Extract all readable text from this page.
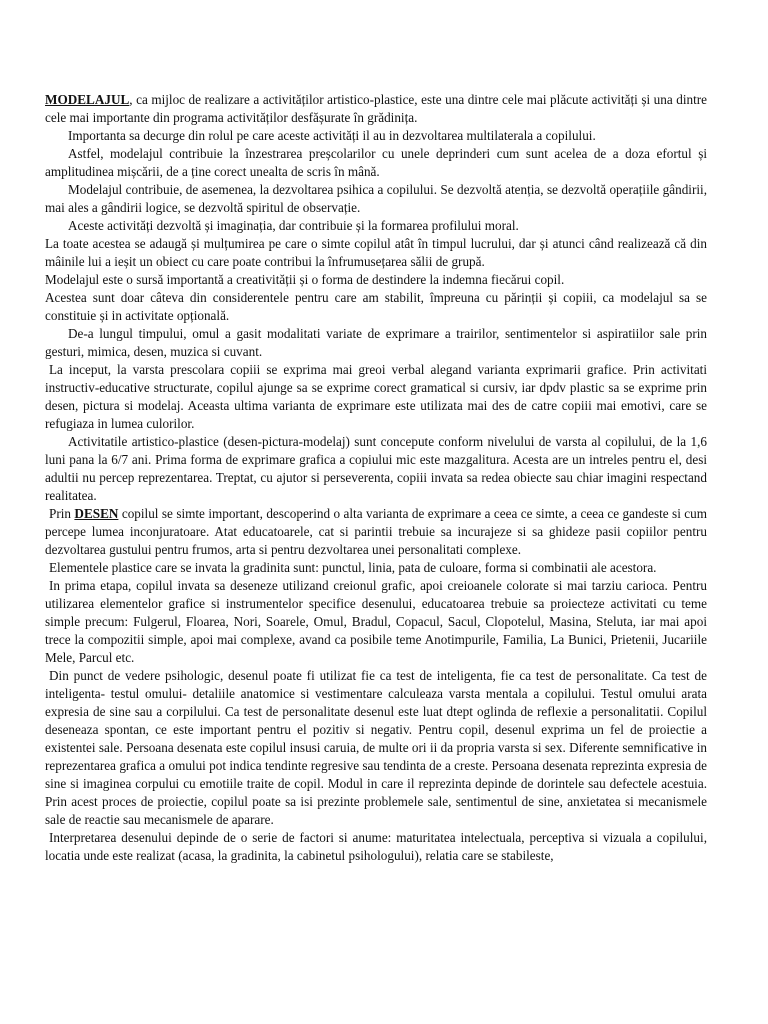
MODELAJUL, ca mijloc de realizare a activităților artistico-plastice, este una dintre cele mai plăcute activități și una dintre cele mai importante din programa activităților desfășurate în grădinița.

Importanta sa decurge din rolul pe care aceste activități il au in dezvoltarea multilaterala a copilului.

Astfel, modelajul contribuie la înzestrarea preșcolarilor cu unele deprinderi cum sunt acelea de a doza efortul și amplitudinea mișcării, de a ține corect unealta de scris în mână.

Modelajul contribuie, de asemenea, la dezvoltarea psihica a copilului. Se dezvoltă atenția, se dezvoltă operațiile gândirii, mai ales a gândirii logice, se dezvoltă spiritul de observație.

Aceste activități dezvoltă și imaginația, dar contribuie și la formarea profilului moral.

La toate acestea se adaugă și mulțumirea pe care o simte copilul atât în timpul lucrului, dar și atunci când realizează că din mâinile lui a ieșit un obiect cu care poate contribui la înfrumusețarea sălii de grupă.

Modelajul este o sursă importantă a creativității și o forma de destindere la indemna fiecărui copil.

Acestea sunt doar câteva din considerentele pentru care am stabilit, împreuna cu părinții și copiii, ca modelajul sa se constituie și in activitate opțională.

De-a lungul timpului, omul a gasit modalitati variate de exprimare a trairilor, sentimentelor si aspiratiilor sale prin gesturi, mimica, desen, muzica si cuvant.

La inceput, la varsta prescolara copiii se exprima mai greoi verbal alegand varianta exprimarii grafice. Prin activitati instructiv-educative structurate, copilul ajunge sa se exprime corect gramatical si cursiv, iar dpdv plastic sa se exprime prin desen, pictura si modelaj. Aceasta ultima varianta de exprimare este utilizata mai des de catre copiii mai emotivi, care se refugiaza in lumea culorilor.

Activitatile artistico-plastice (desen-pictura-modelaj) sunt concepute conform nivelului de varsta al copilului, de la 1,6 luni pana la 6/7 ani. Prima forma de exprimare grafica a copiului mic este mazgalitura. Acesta are un intreles pentru el, desi adultii nu percep reprezentarea. Treptat, cu ajutor si perseverenta, copiii invata sa redea obiecte sau chiar imagini respectand realitatea.

Prin DESEN copilul se simte important, descoperind o alta varianta de exprimare a ceea ce simte, a ceea ce gandeste si cum percepe lumea inconjuratoare. Atat educatoarele, cat si parintii trebuie sa incurajeze si sa ghideze pasii copiilor pentru dezvoltarea gustului pentru frumos, arta si pentru dezvoltarea unei personalitati complexe.

Elementele plastice care se invata la gradinita sunt: punctul, linia, pata de culoare, forma si combinatii ale acestora.

In prima etapa, copilul invata sa deseneze utilizand creionul grafic, apoi creioanele colorate si mai tarziu carioca. Pentru utilizarea elementelor grafice si instrumentelor specifice desenului, educatoarea trebuie sa proiecteze activitati cu teme simple precum: Fulgerul, Floarea, Nori, Soarele, Omul, Bradul, Copacul, Sacul, Clopotelul, Masina, Steluta, iar mai apoi trece la compozitii simple, apoi mai complexe, avand ca posibile teme Anotimpurile, Familia, La Bunici, Prietenii, Jucariile Mele, Parcul etc.

Din punct de vedere psihologic, desenul poate fi utilizat fie ca test de inteligenta, fie ca test de personalitate. Ca test de inteligenta- testul omului- detaliile anatomice si vestimentare calculeaza varsta mentala a copilului. Testul omului arata expresia de sine sau a corpilului. Ca test de personalitate desenul este luat dtept oglinda de reflexie a personalitatii. Copilul deseneaza spontan, ce este important pentru el pozitiv si negativ. Pentru copil, desenul exprima un fel de proiectie a existentei sale. Persoana desenata este copilul insusi caruia, de multe ori ii da propria varsta si sex. Diferente semnificative in reprezentarea grafica a omului pot indica tendinte regresive sau tendinta de a creste. Persoana desenata reprezinta expresia de sine si imaginea corpului cu emotiile traite de copil. Modul in care il reprezinta depinde de dorintele sau defectele acestuia. Prin acest proces de proiectie, copilul poate sa isi prezinte problemele sale, sentimentul de sine, anxietatea si mecanismele sale de reactie sau mecanismele de aparare.

Interpretarea desenului depinde de o serie de factori si anume: maturitatea intelectuala, perceptiva si vizuala a copilului, locatia unde este realizat (acasa, la gradinita, la cabinetul psihologului), relatia care se stabileste,
